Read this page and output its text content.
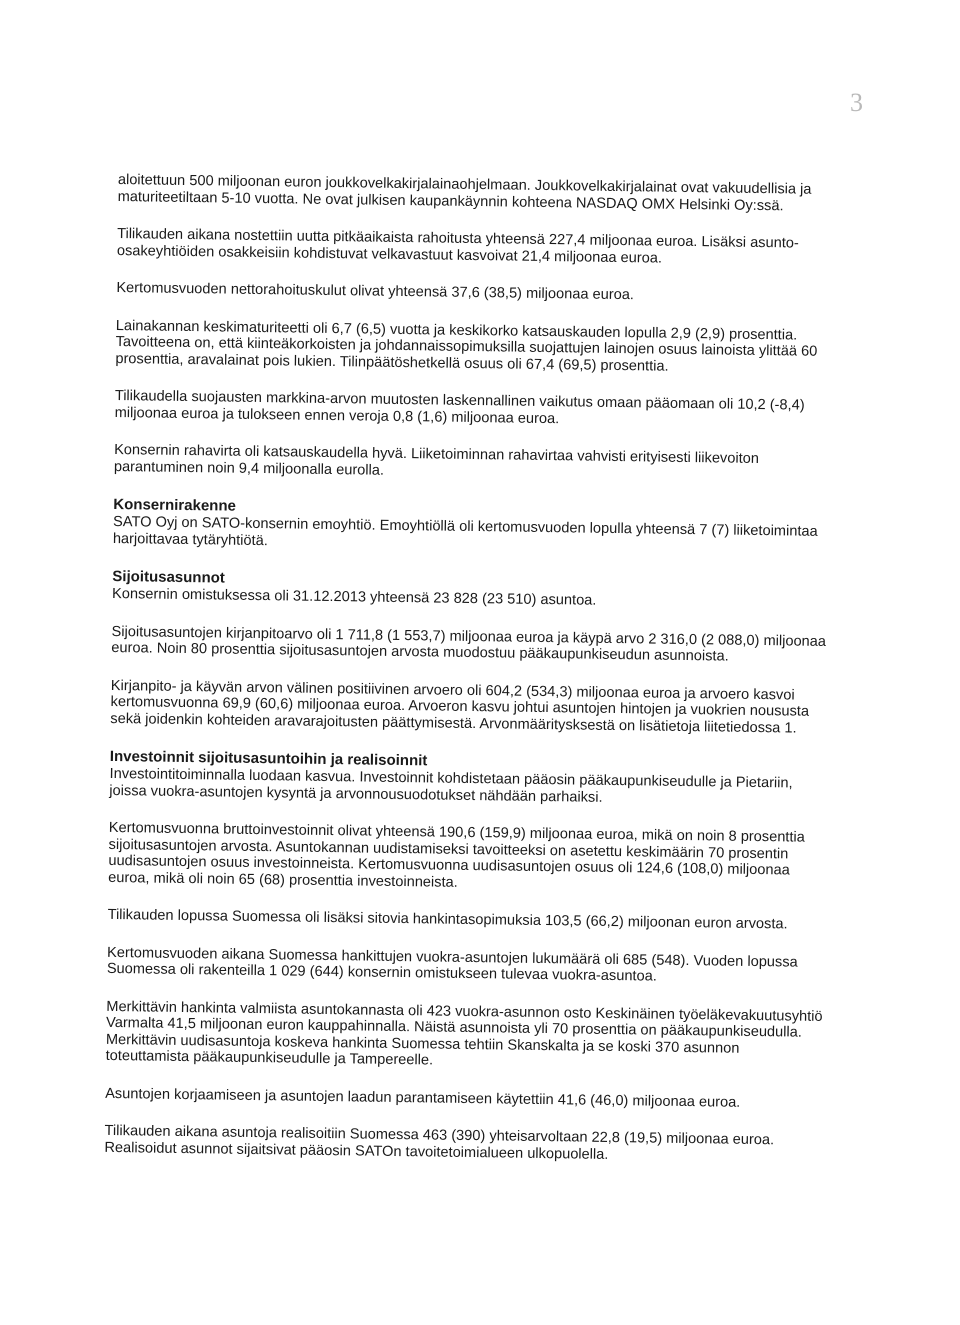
3

aloitettuun 500 miljoonan euron joukkovelkakirjalainaohjelmaan. Joukkovelkakirjalainat ovat vakuudellisia ja
maturiteetiltaan 5-10 vuotta. Ne ovat julkisen kaupankäynnin kohteena NASDAQ OMX Helsinki Oy:ssä.

Tilikauden aikana nostettiin uutta pitkäaikaista rahoitusta yhteensä 227,4 miljoonaa euroa. Lisäksi asunto-
osakeyhtiöiden osakkeisiin kohdistuvat velkavastuut kasvoivat 21,4 miljoonaa euroa.

Kertomusvuoden nettorahoituskulut olivat yhteensä 37,6 (38,5) miljoonaa euroa.

Lainakannan keskimaturiteetti oli 6,7 (6,5) vuotta ja keskikorko katsauskauden lopulla 2,9 (2,9) prosenttia.
Tavoitteena on, että kiinteäkorkoisten ja johdannaissopimuksilla suojattujen lainojen osuus lainoista ylittää 60
prosenttia, aravalainat pois lukien. Tilinpäätöshetkellä osuus oli 67,4 (69,5) prosenttia.

Tilikaudella suojausten markkina-arvon muutosten laskennallinen vaikutus omaan pääomaan oli 10,2 (-8,4)
miljoonaa euroa ja tulokseen ennen veroja 0,8 (1,6) miljoonaa euroa.

Konsernin rahavirta oli katsauskaudella hyvä. Liiketoiminnan rahavirtaa vahvisti erityisesti liikevoiton
parantuminen noin 9,4 miljoonalla eurolla.

Konsernirakenne

SATO Oyj on SATO-konsernin emoyhtiö. Emoyhtiöllä oli kertomusvuoden lopulla yhteensä 7 (7) liiketoimintaa
harjoittavaa tytäryhtiötä.

Sijoitusasunnot

Konsernin omistuksessa oli 31.12.2013 yhteensä 23 828 (23 510) asuntoa.

Sijoitusasuntojen kirjanpitoarvo oli 1 711,8 (1 553,7) miljoonaa euroa ja käypä arvo 2 316,0 (2 088,0) miljoonaa
euroa. Noin 80 prosenttia sijoitusasuntojen arvosta muodostuu pääkaupunkiseudun asunnoista.

Kirjanpito- ja käyvän arvon välinen positiivinen arvoero oli 604,2 (534,3) miljoonaa euroa ja arvoero kasvoi
kertomusvuonna 69,9 (60,6) miljoonaa euroa. Arvoeron kasvu johtui asuntojen hintojen ja vuokrien noususta
sekä joidenkin kohteiden aravarajoitusten päättymisestä. Arvonmääritysksestä on lisätietoja liitetiedossa 1.

Investoinnit sijoitusasuntoihin ja realisoinnit

Investointitoiminnalla luodaan kasvua. Investoinnit kohdistetaan pääosin pääkaupunkiseudulle ja Pietariin,
joissa vuokra-asuntojen kysyntä ja arvonnousuodotukset nähdään parhaiksi.

Kertomusvuonna bruttoinvestoinnit olivat yhteensä 190,6 (159,9) miljoonaa euroa, mikä on noin 8 prosenttia
sijoitusasuntojen arvosta. Asuntokannan uudistamiseksi tavoitteeksi on asetettu keskimäärin 70 prosentin
uudisasuntojen osuus investoinneista. Kertomusvuonna uudisasuntojen osuus oli 124,6 (108,0) miljoonaa
euroa, mikä oli noin 65 (68) prosenttia investoinneista.

Tilikauden lopussa Suomessa oli lisäksi sitovia hankintasopimuksia 103,5 (66,2) miljoonan euron arvosta.

Kertomusvuoden aikana Suomessa hankittujen vuokra-asuntojen lukumäärä oli 685 (548). Vuoden lopussa
Suomessa oli rakenteilla 1 029 (644) konsernin omistukseen tulevaa vuokra-asuntoa.

Merkittävin hankinta valmiista asuntokannasta oli 423 vuokra-asunnon osto Keskinäinen työeläkevakuutusyhtiö
Varmalta 41,5 miljoonan euron kauppahinnalla. Näistä asunnoista yli 70 prosenttia on pääkaupunkiseudulla.
Merkittävin uudisasuntoja koskeva hankinta Suomessa tehtiin Skanskalta ja se koski 370 asunnon
toteuttamista pääkaupunkiseudulle ja Tampereelle.

Asuntojen korjaamiseen ja asuntojen laadun parantamiseen käytettiin 41,6 (46,0) miljoonaa euroa.

Tilikauden aikana asuntoja realisoitiin Suomessa 463 (390) yhteisarvoltaan 22,8 (19,5) miljoonaa euroa.
Realisoidut asunnot sijaitsivat pääosin SATOn tavoitetoimialueen ulkopuolella.
